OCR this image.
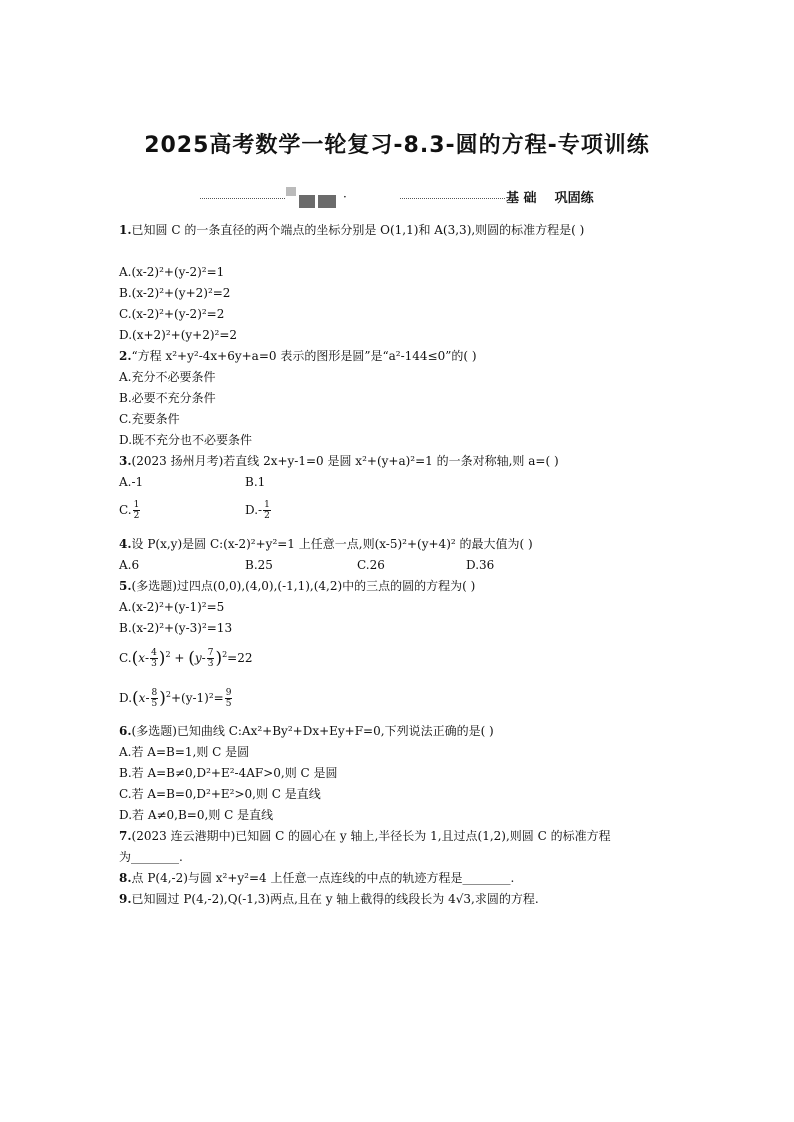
2025高考数学一轮复习-8.3-圆的方程-专项训练
·	基 础    巩固练
1.已知圆 C 的一条直径的两个端点的坐标分别是 O(1,1)和 A(3,3),则圆的标准方程是( )
A.(x-2)²+(y-2)²=1
B.(x-2)²+(y+2)²=2
C.(x-2)²+(y-2)²=2
D.(x+2)²+(y+2)²=2
2.“方程 x²+y²-4x+6y+a=0 表示的图形是圆”是“a²-144≤0”的( )
A.充分不必要条件
B.必要不充分条件
C.充要条件
D.既不充分也不必要条件
3.(2023 扬州月考)若直线 2x+y-1=0 是圆 x²+(y+a)²=1 的一条对称轴,则 a=( )
A.-1	B.1
C. $\frac{1}{2}$	$D.- \frac{1}{2}$
4.设 P(x,y)是圆 C:(x-2)²+y²=1 上任意一点,则(x-5)²+(y+4)² 的最大值为( )
A.6	B.25	C.26	D.36
5.(多选题)过四点(0,0),(4,0),(-1,1),(4,2)中的三点的圆的方程为( )
A.(x-2)²+(y-1)²=5
B.(x-2)²+(y-3)²=13
$C.(x- \frac{4}{3} )^2 + (y- \frac{7}{3} )^2=22$
$D.(x- \frac{8}{5} )^2+(y-1)^2= \frac{9}{5}$
6.(多选题)已知曲线 C:Ax²+By²+Dx+Ey+F=0,下列说法正确的是( )
A.若 A=B=1,则 C 是圆
B.若 A=B≠0,D²+E²-4AF>0,则 C 是圆
C.若 A=B=0,D²+E²>0,则 C 是直线
D.若 A≠0,B=0,则 C 是直线
7.(2023 连云港期中)已知圆 C 的圆心在 y 轴上,半径长为 1,且过点(1,2),则圆 C 的标准方程
为________.
8.点 P(4,-2)与圆 x²+y²=4 上任意一点连线的中点的轨迹方程是________.
9.已知圆过 P(4,-2),Q(-1,3)两点,且在 y 轴上截得的线段长为 4√3,求圆的方程.
